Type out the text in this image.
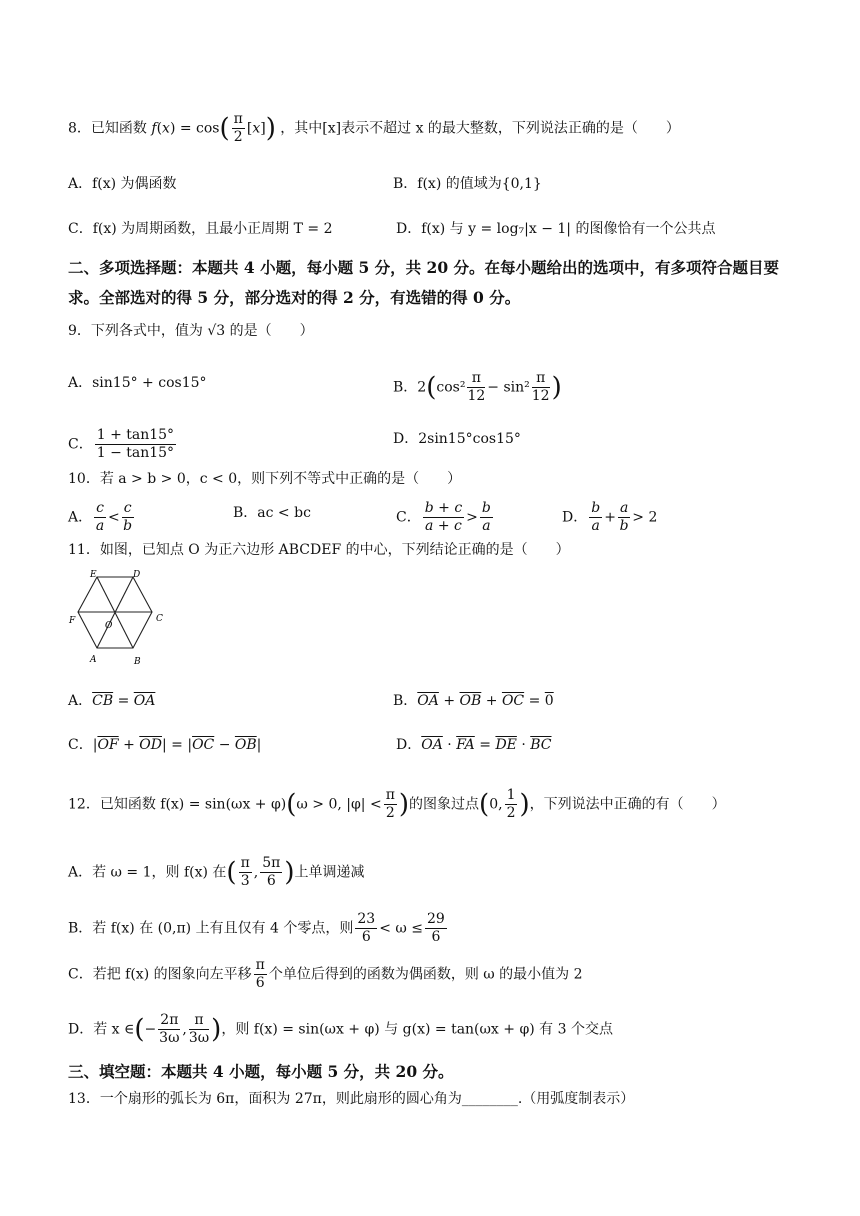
8．已知函数 $f(x) = \cos( \frac{\pi}{2} [x])$ ，其中[x]表示不超过 x 的最大整数，下列说法正确的是（　　）
A．f(x) 为偶函数	B．f(x) 的值域为{0,1}
C．f(x) 为周期函数，且最小正周期 T = 2	D．f(x) 与 y = log₇|x − 1| 的图像恰有一个公共点
二、多项选择题：本题共 4 小题，每小题 5 分，共 20 分。在每小题给出的选项中，有多项符合题目要求。全部选对的得 5 分，部分选对的得 2 分，有选错的得 0 分。
9．下列各式中，值为 √3 的是（　　）
A．sin15° + cos15°	B．$2(\cos^2 \frac{\pi}{12} - \sin^2 \frac{\pi}{12}$ )
C． $\frac{1 + \tan 15^\circ}{1 - \tan 15^\circ}$	D．2sin15°cos15°
10．若 a > b > 0，c < 0，则下列不等式中正确的是（　　）
A． $\frac{c}{a} < \frac{c}{b}$	B．ac < bc	C． $\frac{b + c}{a + c} > \frac{b}{a}$	D． $\frac{b}{a} + \frac{a}{b} > 2$
11．如图，已知点 O 为正六边形 ABCDEF 的中心，下列结论正确的是（　　）
E	D
F	O
C
A	B
A．$\overline{CB} = \overline{OA}$	B．$\overline{OA} + \overline{OB} + \overline{OC} = 0$
C．$|\overline{OF} + \overline{OD}| = |\overline{OC} - \overline{OB}|$	D．$\overline{OA} \cdot \overline{FA} = \overline{DE} \cdot \overline{BC}$
12．已知函数 f(x) = sin(ωx + φ)(ω > 0, $|\varphi| < \frac{\pi}{2}$ )的图象过点(0, $\frac{1}{2}$ )，下列说法中正确的有（　　）
A．若 ω = 1，则 f(x) 在( $\frac{\pi}{3}$ , $\frac{5\pi}{6}$ )上单调递减
B．若 f(x) 在 (0,π) 上有且仅有 4 个零点，则 $\frac{23}{6} < \omega \le \frac{29}{6}$
C．若把 f(x) 的图象向左平移 $\frac{\pi}{6}$ 个单位后得到的函数为偶函数，则 ω 的最小值为 2
D．若 x ∈(− $\frac{2\pi}{3\omega}$ , $\frac{\pi}{3\omega}$ )，则 f(x) = sin(ωx + φ) 与 g(x) = tan(ωx + φ) 有 3 个交点
三、填空题：本题共 4 小题，每小题 5 分，共 20 分。
13．一个扇形的弧长为 6π，面积为 27π，则此扇形的圆心角为________.（用弧度制表示）
